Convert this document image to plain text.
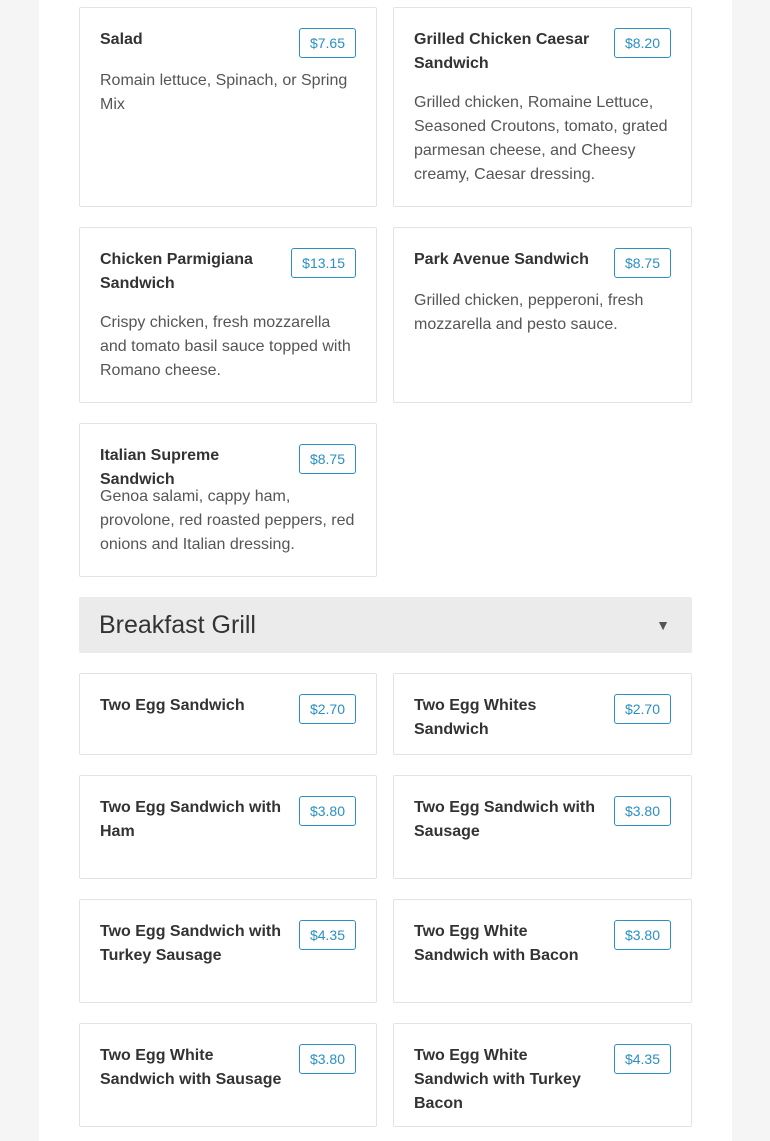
Salad	$7.65
Romain lettuce, Spinach, or Spring Mix
Grilled Chicken Caesar Sandwich
$8.20
Grilled chicken, Romaine Lettuce, Seasoned Croutons, tomato, grated parmesan cheese, and Cheesy creamy, Caesar dressing.
Chicken Parmigiana Sandwich
$13.15
Crispy chicken, fresh mozzarella and tomato basil sauce topped with Romano cheese.
Park Avenue Sandwich	$8.75
Grilled chicken, pepperoni, fresh mozzarella and pesto sauce.
Italian Supreme Sandwich
$8.75
Genoa salami, cappy ham, provolone, red roasted peppers, red onions and Italian dressing.
Breakfast Grill	▼
Two Egg Sandwich	$2.70	Two Egg Whites Sandwich
$2.70
Two Egg Sandwich with Ham
$3.80	Two Egg Sandwich with Sausage
$3.80
Two Egg Sandwich with Turkey Sausage
$4.35	Two Egg White Sandwich with Bacon
$3.80
Two Egg White Sandwich with Sausage
$3.80	Two Egg White Sandwich with Turkey Bacon
$4.35
